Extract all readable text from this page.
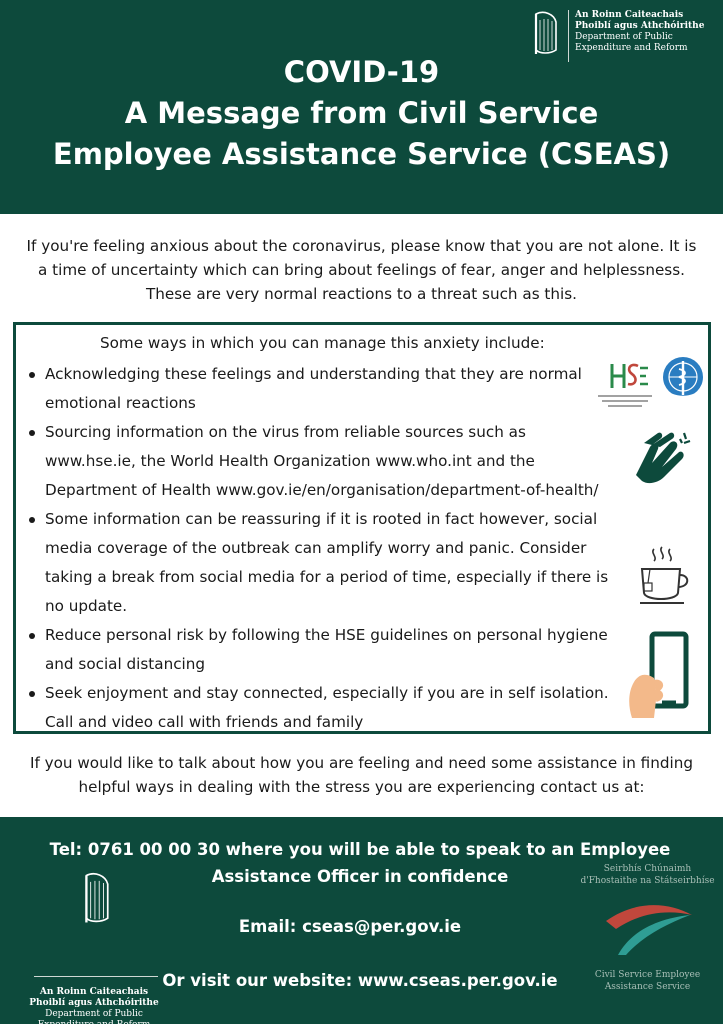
An Roinn Caiteachais
Phoiblí agus Athchóirithe
Department of Public
Expenditure and Reform
COVID-19
A Message from Civil Service
Employee Assistance Service (CSEAS)
If you're feeling anxious about the coronavirus, please know that you are not alone. It is
a time of uncertainty which can bring about feelings of fear, anger and helplessness.
These are very normal reactions to a threat such as this.
Some ways in which you can manage this anxiety include:
Acknowledging these feelings and understanding that they are normal
emotional reactions
Sourcing information on the virus from reliable sources such as
www.hse.ie, the World Health Organization www.who.int and the
Department of Health www.gov.ie/en/organisation/department-of-health/
Some information can be reassuring if it is rooted in fact however, social
media coverage of the outbreak can amplify worry and panic. Consider
taking a break from social media for a period of time, especially if there is
no update.
Reduce personal risk by following the HSE guidelines on personal hygiene
and social distancing
Seek enjoyment and stay connected, especially if you are in self isolation.
Call and video call with friends and family
If you would like to talk about how you are feeling and need some assistance in finding
helpful ways in dealing with the stress you are experiencing contact us at:
Tel: 0761 00 00 30 where you will be able to speak to an Employee
Assistance Officer in confidence
An Roinn Caiteachais
Phoiblí agus Athchóirithe
Department of Public
Expenditure and Reform
Email: cseas@per.gov.ie
Or visit our website: www.cseas.per.gov.ie
Seirbhís Chúnaimh
d'Fhostaithe na Státseirbhíse
Civil Service Employee
Assistance Service
